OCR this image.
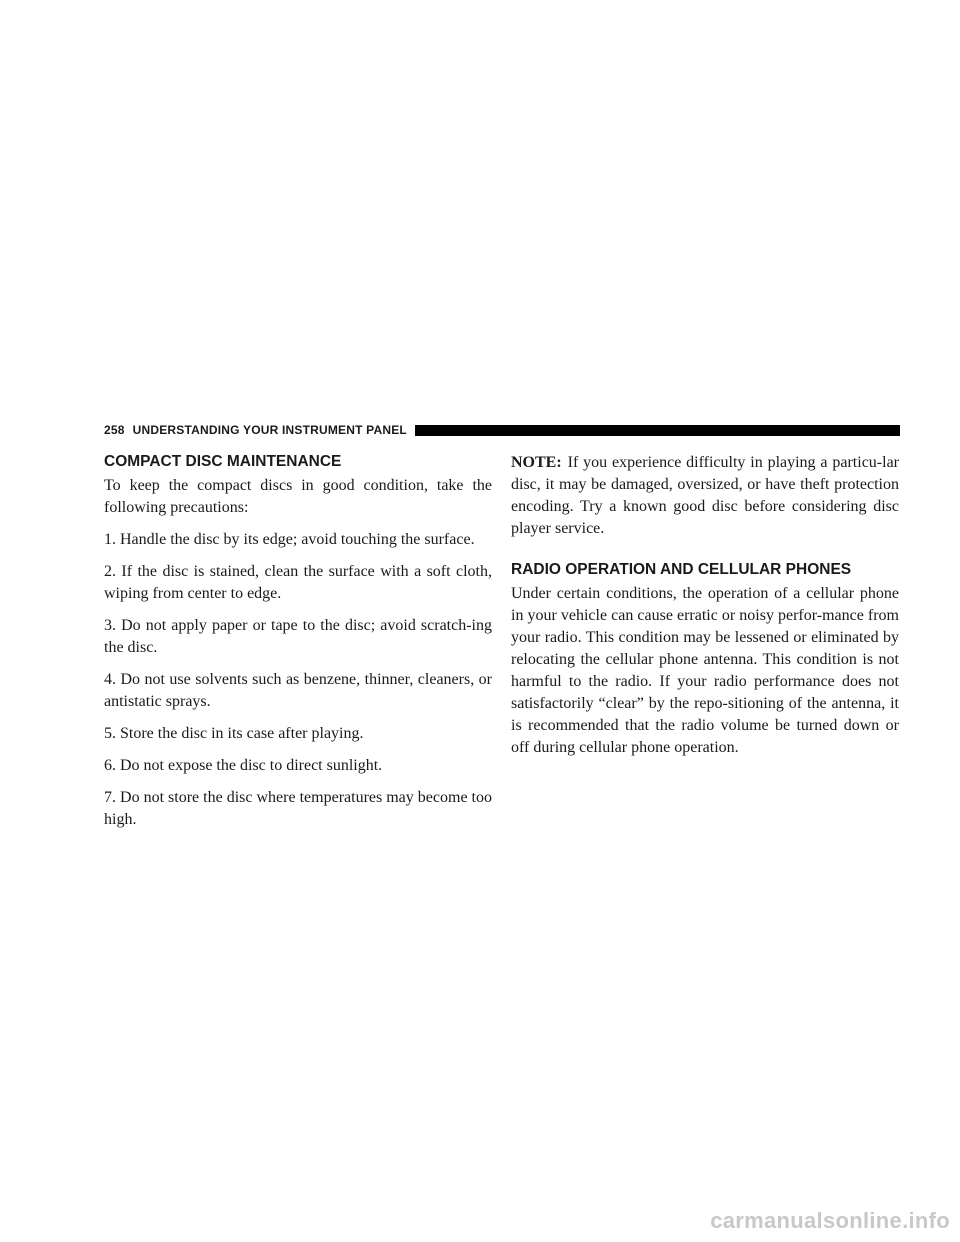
258 UNDERSTANDING YOUR INSTRUMENT PANEL
COMPACT DISC MAINTENANCE

To keep the compact discs in good condition, take the following precautions:

1. Handle the disc by its edge; avoid touching the surface.

2. If the disc is stained, clean the surface with a soft cloth, wiping from center to edge.

3. Do not apply paper or tape to the disc; avoid scratch-ing the disc.

4. Do not use solvents such as benzene, thinner, cleaners, or antistatic sprays.

5. Store the disc in its case after playing.

6. Do not expose the disc to direct sunlight.

7. Do not store the disc where temperatures may become too high.

NOTE: If you experience difficulty in playing a particu-lar disc, it may be damaged, oversized, or have theft protection encoding. Try a known good disc before considering disc player service.

RADIO OPERATION AND CELLULAR PHONES

Under certain conditions, the operation of a cellular phone in your vehicle can cause erratic or noisy perfor-mance from your radio. This condition may be lessened or eliminated by relocating the cellular phone antenna. This condition is not harmful to the radio. If your radio performance does not satisfactorily “clear” by the repo-sitioning of the antenna, it is recommended that the radio volume be turned down or off during cellular phone operation.

carmanualsonline.info
